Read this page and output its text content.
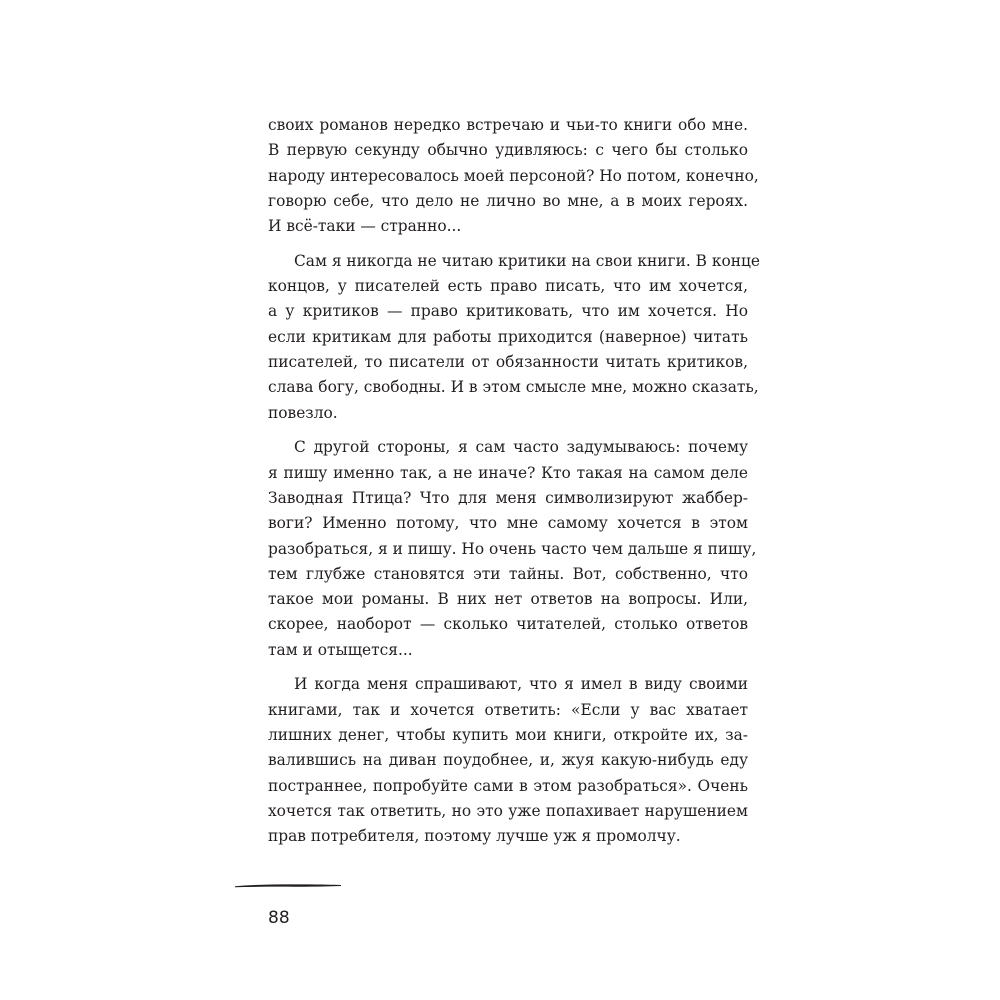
своих романов нередко встречаю и чьи-то книги обо мне.
В первую секунду обычно удивляюсь: с чего бы столько
народу интересовалось моей персоной? Но потом, конечно,
говорю себе, что дело не лично во мне, а в моих героях.
И всё-таки — странно...
Сам я никогда не читаю критики на свои книги. В конце
концов, у писателей есть право писать, что им хочется,
а у критиков — право критиковать, что им хочется. Но
если критикам для работы приходится (наверное) читать
писателей, то писатели от обязанности читать критиков,
слава богу, свободны. И в этом смысле мне, можно сказать,
повезло.
С другой стороны, я сам часто задумываюсь: почему
я пишу именно так, а не иначе? Кто такая на самом деле
Заводная Птица? Что для меня символизируют жаббер-
воги? Именно потому, что мне самому хочется в этом
разобраться, я и пишу. Но очень часто чем дальше я пишу,
тем глубже становятся эти тайны. Вот, собственно, что
такое мои романы. В них нет ответов на вопросы. Или,
скорее, наоборот — сколько читателей, столько ответов
там и отыщется...
И когда меня спрашивают, что я имел в виду своими
книгами, так и хочется ответить: «Если у вас хватает
лишних денег, чтобы купить мои книги, откройте их, за-
валившись на диван поудобнее, и, жуя какую-нибудь еду
постраннее, попробуйте сами в этом разобраться». Очень
хочется так ответить, но это уже попахивает нарушением
прав потребителя, поэтому лучше уж я промолчу.
88
